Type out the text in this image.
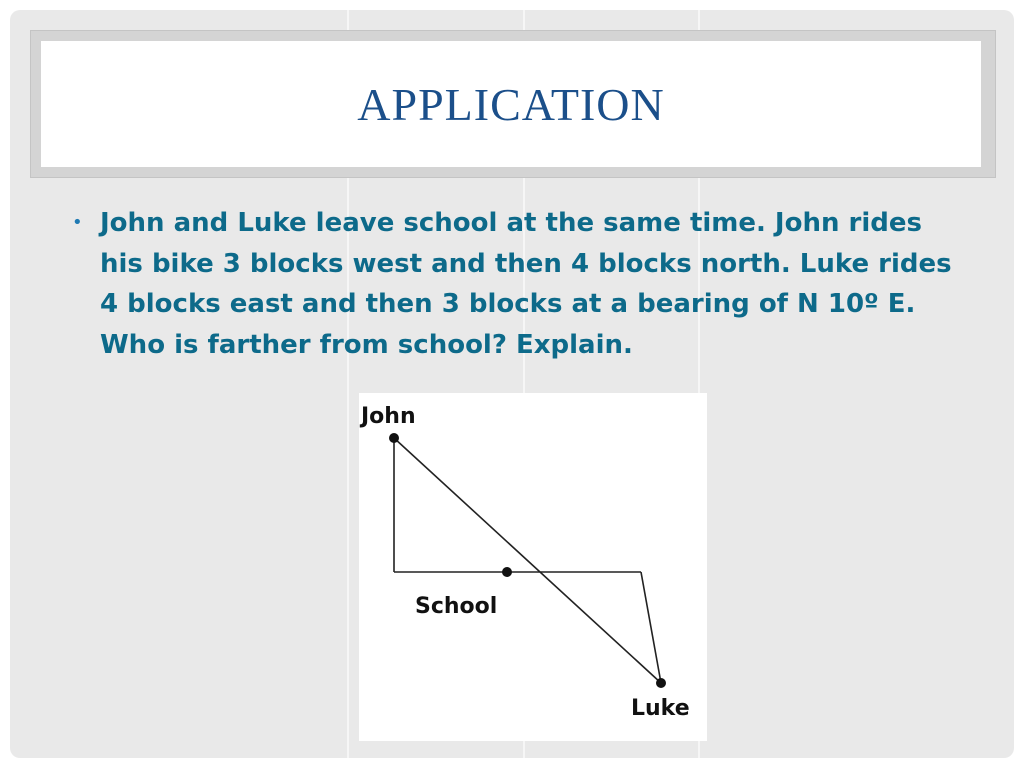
APPLICATION
• John and Luke leave school at the same time. John rides his bike 3 blocks west and then 4 blocks north. Luke rides 4 blocks east and then 3 blocks at a bearing of N 10º E. Who is farther from school? Explain.
John
School
Luke
